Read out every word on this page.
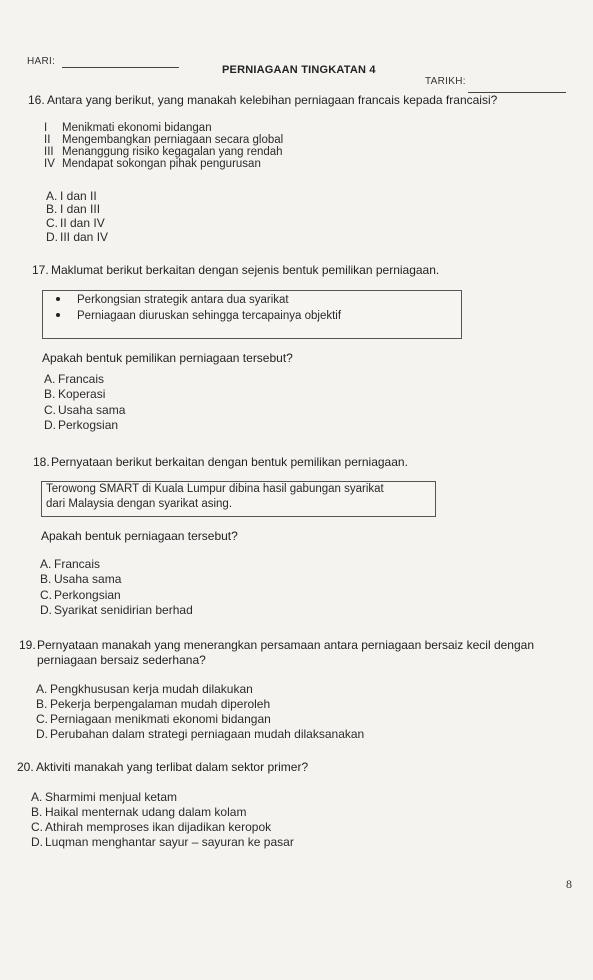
HARI:
PERNIAGAAN TINGKATAN 4
TARIKH:
16. Antara yang berikut, yang manakah kelebihan perniagaan francais kepada francaisi?
I Menikmati ekonomi bidangan
II Mengembangkan perniagaan secara global
III Menanggung risiko kegagalan yang rendah
IV Mendapat sokongan pihak pengurusan
A. I dan II
B. I dan III
C. II dan IV
D. III dan IV
17. Maklumat berikut berkaitan dengan sejenis bentuk pemilikan perniagaan.
Perkongsian strategik antara dua syarikat
Perniagaan diuruskan sehingga tercapainya objektif
Apakah bentuk pemilikan perniagaan tersebut?
A. Francais
B. Koperasi
C. Usaha sama
D. Perkogsian
18. Pernyataan berikut berkaitan dengan bentuk pemilikan perniagaan.
Terowong SMART di Kuala Lumpur dibina hasil gabungan syarikat
dari Malaysia dengan syarikat asing.
Apakah bentuk perniagaan tersebut?
A. Francais
B. Usaha sama
C. Perkongsian
D. Syarikat senidirian berhad
19. Pernyataan manakah yang menerangkan persamaan antara perniagaan bersaiz kecil dengan
perniagaan bersaiz sederhana?
A. Pengkhususan kerja mudah dilakukan
B. Pekerja berpengalaman mudah diperoleh
C. Perniagaan menikmati ekonomi bidangan
D. Perubahan dalam strategi perniagaan mudah dilaksanakan
20. Aktiviti manakah yang terlibat dalam sektor primer?
A. Sharmimi menjual ketam
B. Haikal menternak udang dalam kolam
C. Athirah memproses ikan dijadikan keropok
D. Luqman menghantar sayur – sayuran ke pasar
8
